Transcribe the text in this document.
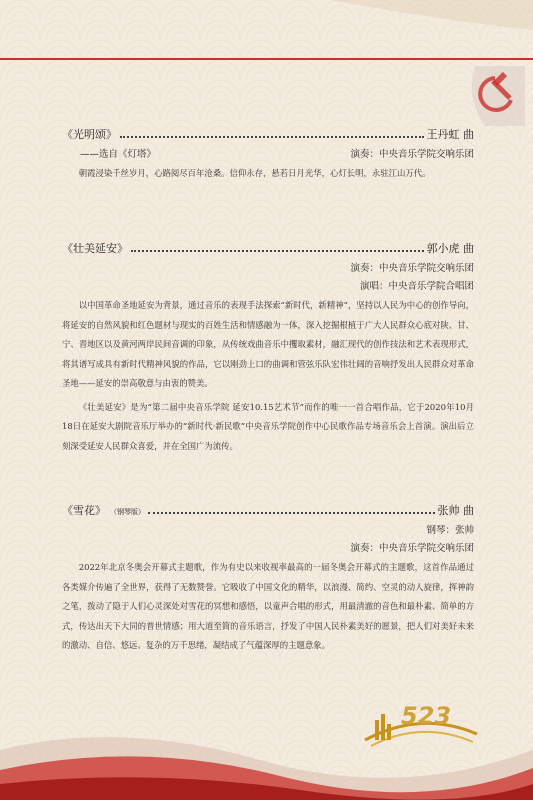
《光明颂》	王丹虹 曲
——选自《灯塔》	演奏：中央音乐学院交响乐团

朝霞浸染千丝岁月，心路阅尽百年沧桑。信仰永存，悬若日月光华，心灯长明，永驻江山万代。

《壮美延安》	郭小虎 曲
演奏：中央音乐学院交响乐团
演唱：中央音乐学院合唱团

以中国革命圣地延安为背景，通过音乐的表现手法探索“新时代，新精神”，坚持以人民为中心的创作导向，将延安的自然风貌和红色题材与现实的百姓生活和情感融为一体，深入挖掘根植于广大人民群众心底对陕、甘、宁、晋地区以及黄河两岸民间音调的印象，从传统戏曲音乐中攫取素材，融汇现代的创作技法和艺术表现形式，将其谱写成具有新时代精神风貌的作品，它以刚劲上口的曲调和管弦乐队宏伟壮阔的音响抒发出人民群众对革命圣地——延安的崇高敬意与由衷的赞美。

《壮美延安》是为“第二届中央音乐学院 延安10.15艺术节”而作的唯一一首合唱作品，它于2020年10月18日在延安大剧院音乐厅举办的“新时代·新民歌”中央音乐学院创作中心民歌作品专场音乐会上首演。演出后立刻深受延安人民群众喜爱，并在全国广为流传。

《雪花》 （钢琴版）	张帅 曲
钢琴：张帅
演奏：中央音乐学院交响乐团

2022年北京冬奥会开幕式主题歌，作为有史以来收视率最高的一届冬奥会开幕式的主题歌，这首作品通过各类媒介传遍了全世界，获得了无数赞誉。它吸收了中国文化的精华，以浪漫、简约、空灵的动人旋律，挥神韵之笔，拨动了隐于人们心灵深处对雪花的冥想和感悟，以童声合唱的形式，用最清澈的音色和最朴素、简单的方式，传达出天下大同的普世情感；用大道至简的音乐语言，抒发了中国人民朴素美好的愿景，把人们对美好未来的激动、自信、悠远、复杂的万千思绪，凝结成了气蕴深厚的主题意象。

523
